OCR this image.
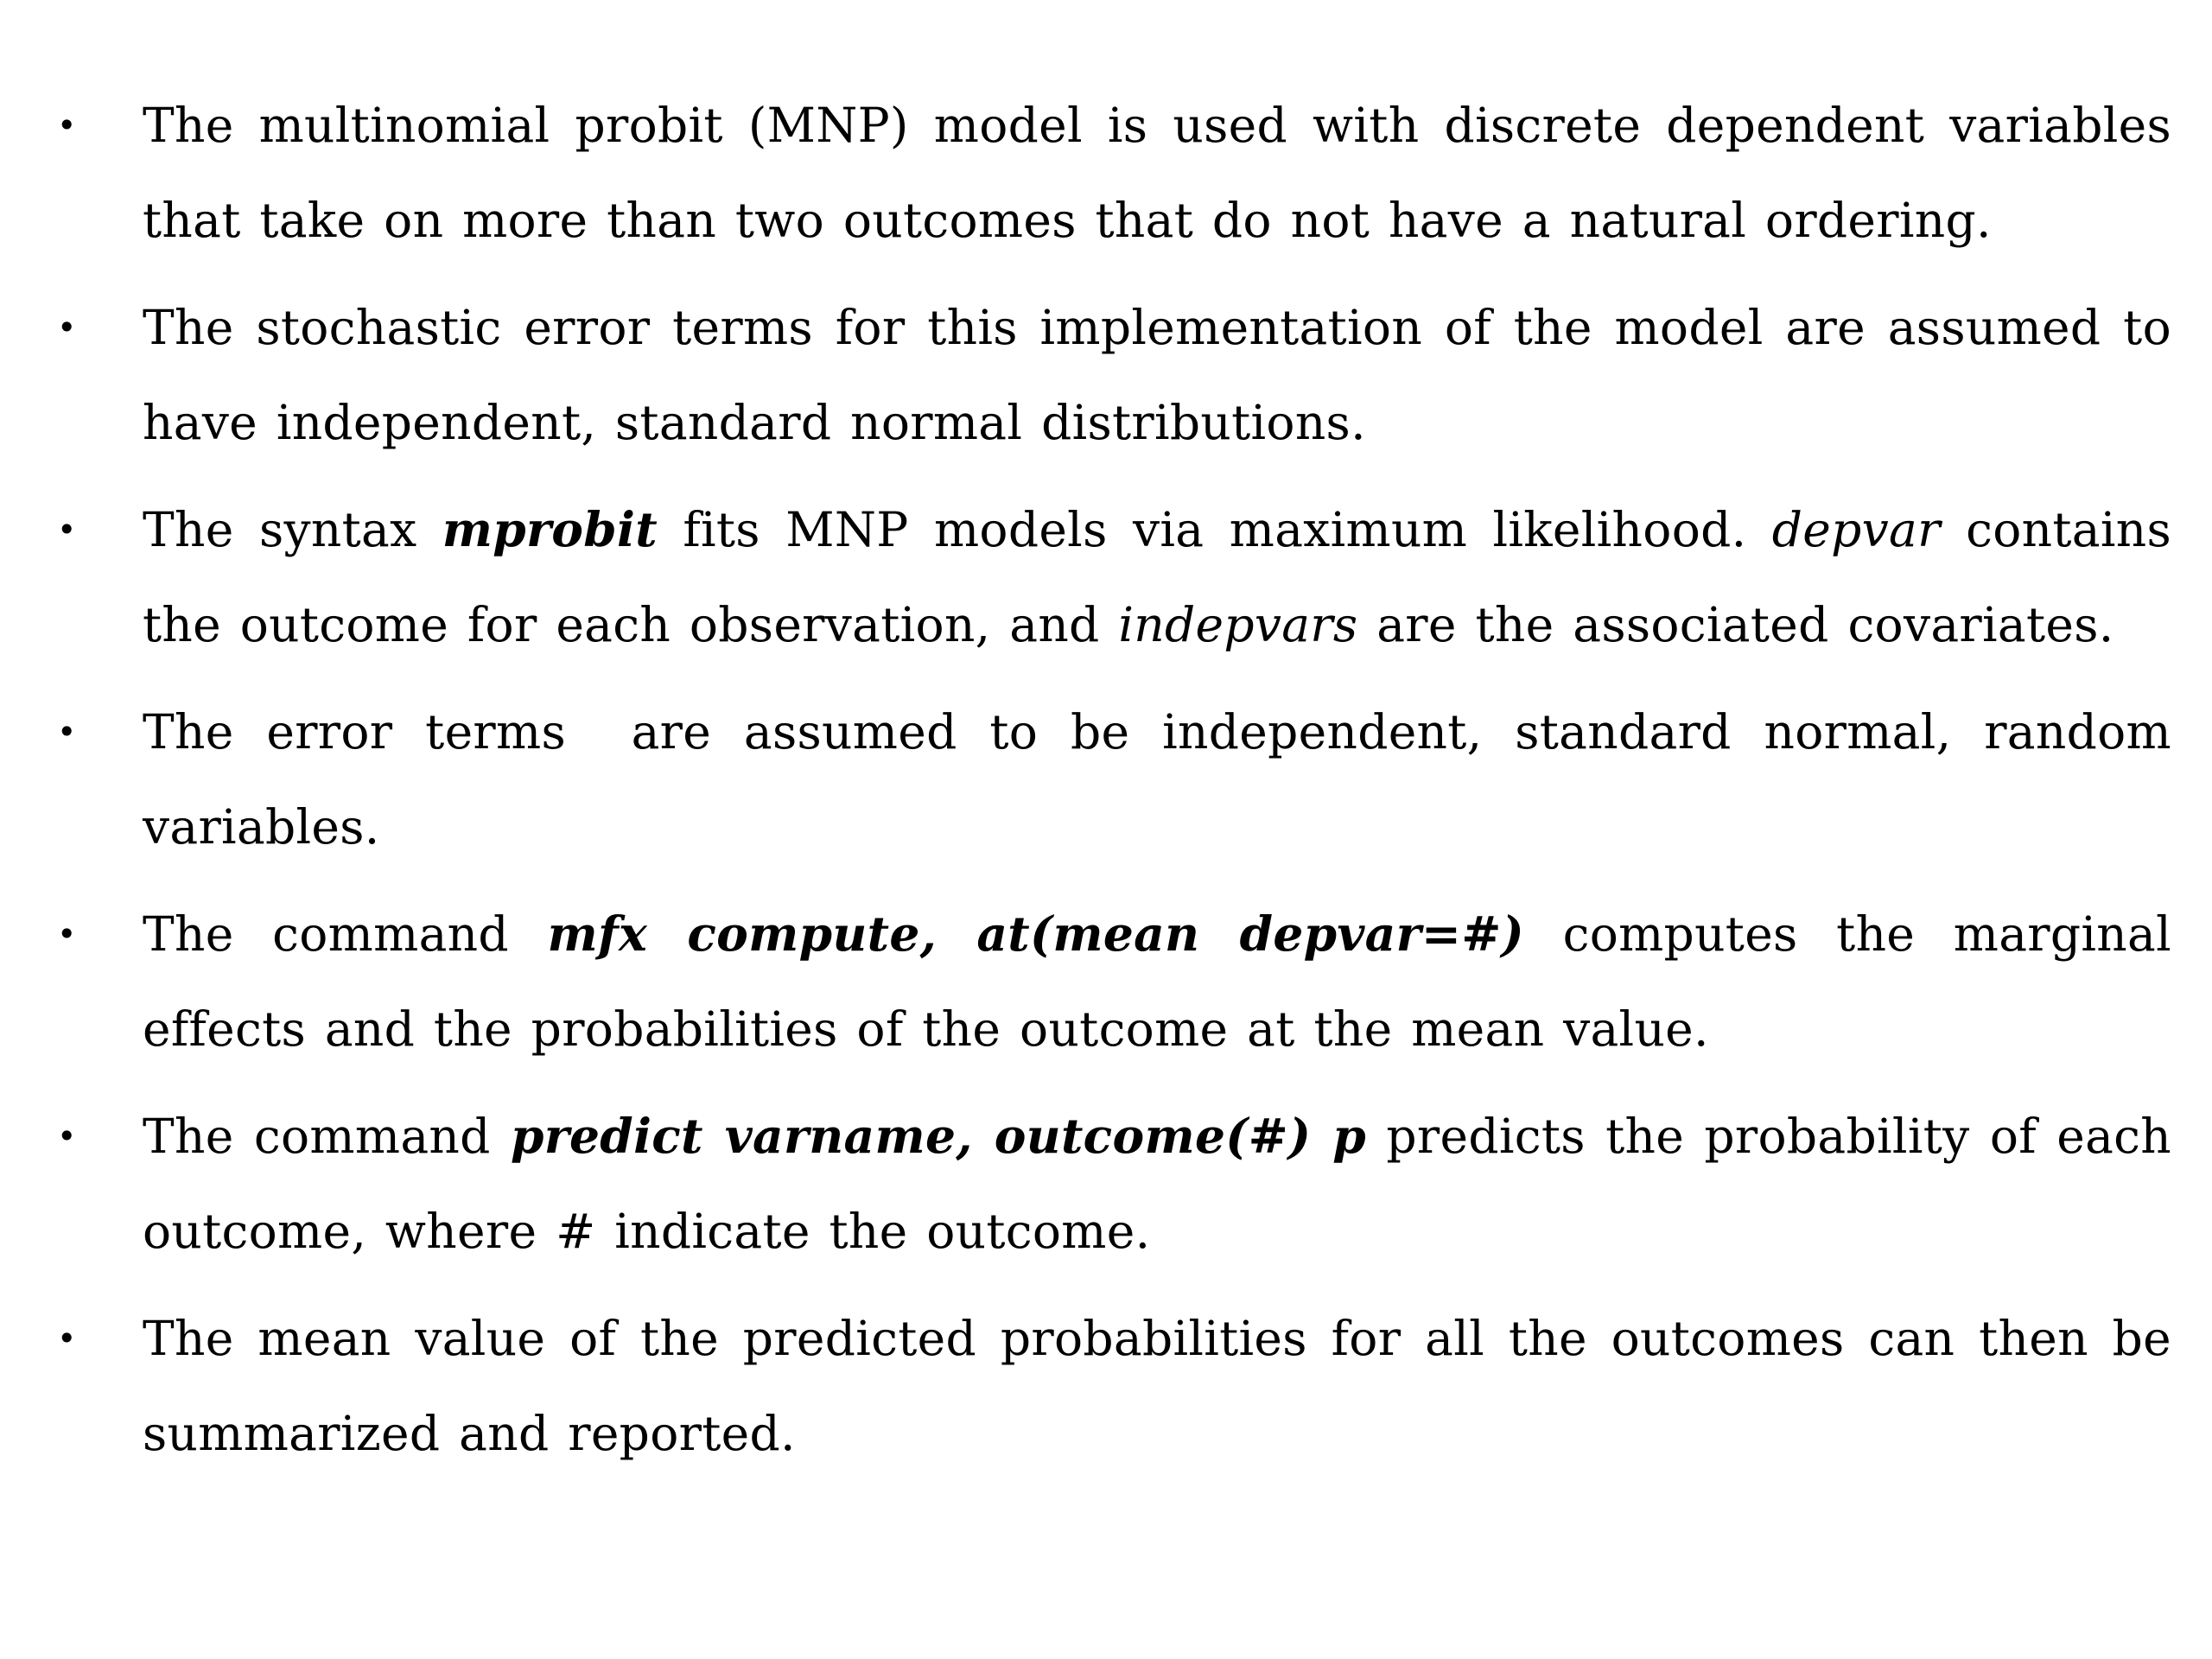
• The multinomial probit (MNP) model is used with discrete dependent variables that take on more than two outcomes that do not have a natural ordering.
• The stochastic error terms for this implementation of the model are assumed to have independent, standard normal distributions.
• The syntax mprobit fits MNP models via maximum likelihood. depvar contains the outcome for each observation, and indepvars are the associated covariates.
• The error terms  are assumed to be independent, standard normal, random variables.
• The command mfx compute, at(mean depvar=#) computes the marginal effects and the probabilities of the outcome at the mean value.
• The command predict varname, outcome(#) p predicts the probability of each outcome, where # indicate the outcome.
• The mean value of the predicted probabilities for all the outcomes can then be summarized and reported.
